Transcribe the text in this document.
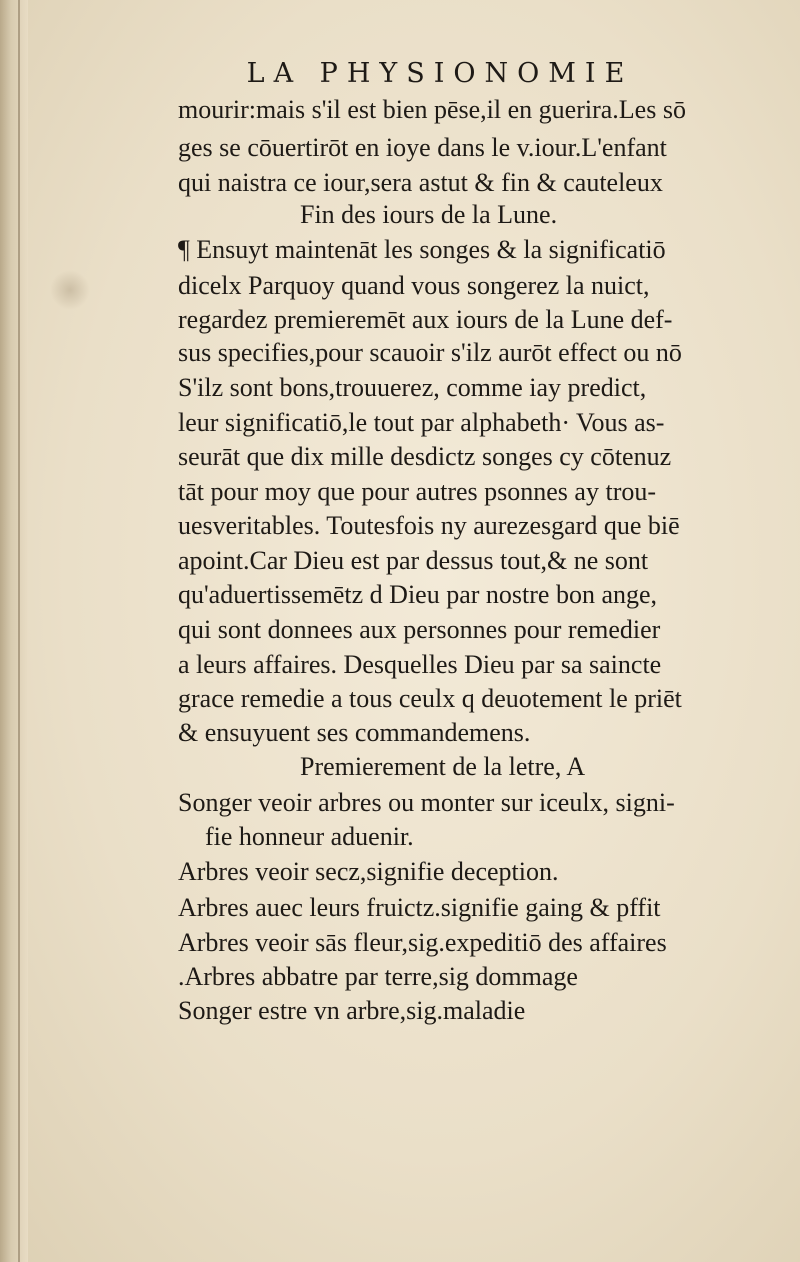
LA PHYSIONOMIE
mourir:mais s'il est bien pēse,il en guerira.Les sō
ges se cōuertirōt en ioye dans le v.iour.L'enfant
qui naistra ce iour,sera astut & fin & cauteleux
Fin des iours de la Lune.
¶ Ensuyt maintenāt les songes & la significatiō
dicelx Parquoy quand vous songerez la nuict,
regardez premieremēt aux iours de la Lune def-
sus specifies,pour scauoir s'ilz aurōt effect ou nō
S'ilz sont bons,trouuerez, comme iay predict,
leur significatiō,le tout par alphabeth· Vous as-
seurāt que dix mille desdictz songes cy cōtenuz
tāt pour moy que pour autres psonnes ay trou-
uesveritables. Toutesfois ny aurezesgard que biē
apoint.Car Dieu est par dessus tout,& ne sont
qu'aduertissemētz d Dieu par nostre bon ange,
qui sont donnees aux personnes pour remedier
a leurs affaires. Desquelles Dieu par sa saincte
grace remedie a tous ceulx q deuotement le priēt
& ensuyuent ses commandemens.
Premierement de la letre, A
Songer veoir arbres ou monter sur iceulx, signi-
fie honneur aduenir.
Arbres veoir secz,signifie deception.
Arbres auec leurs fruictz.signifie gaing & pffit
Arbres veoir sās fleur,sig.expeditiō des affaires
.Arbres abbatre par terre,sig dommage
Songer estre vn arbre,sig.maladie
